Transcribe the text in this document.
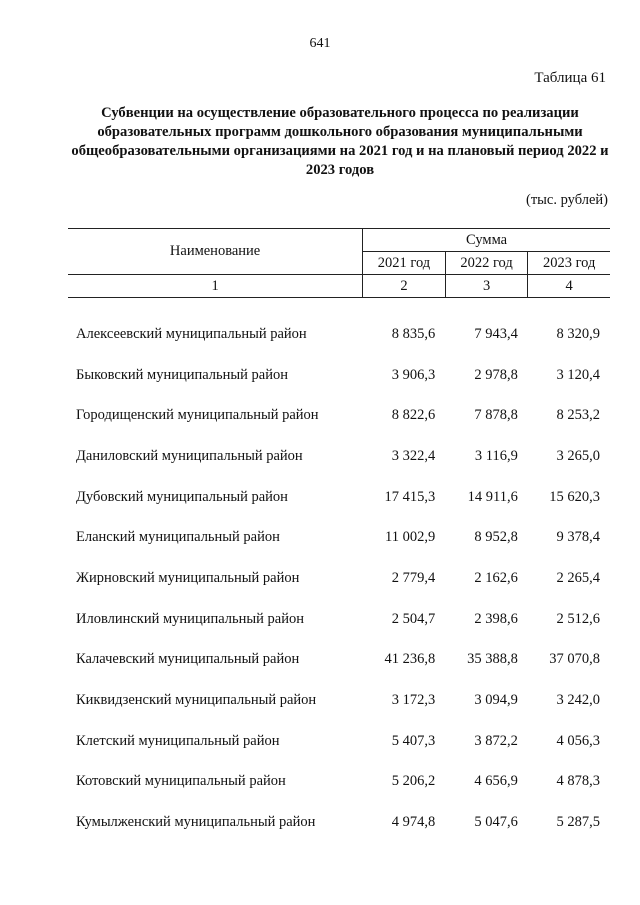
641
Таблица 61
Субвенции на осуществление образовательного процесса по реализации образовательных программ дошкольного образования муниципальными общеобразовательными организациями на 2021 год и на плановый период 2022 и 2023 годов
(тыс. рублей)
Наименование	Сумма		
	2021 год	2022 год	2023 год
1	2	3	4
Алексеевский муниципальный район	8 835,6	7 943,4	8 320,9
Быковский муниципальный район	3 906,3	2 978,8	3 120,4
Городищенский муниципальный район	8 822,6	7 878,8	8 253,2
Даниловский муниципальный район	3 322,4	3 116,9	3 265,0
Дубовский муниципальный район	17 415,3	14 911,6	15 620,3
Еланский муниципальный район	11 002,9	8 952,8	9 378,4
Жирновский муниципальный район	2 779,4	2 162,6	2 265,4
Иловлинский муниципальный район	2 504,7	2 398,6	2 512,6
Калачевский муниципальный район	41 236,8	35 388,8	37 070,8
Киквидзенский муниципальный район	3 172,3	3 094,9	3 242,0
Клетский муниципальный район	5 407,3	3 872,2	4 056,3
Котовский муниципальный район	5 206,2	4 656,9	4 878,3
Кумылженский муниципальный район	4 974,8	5 047,6	5 287,5
